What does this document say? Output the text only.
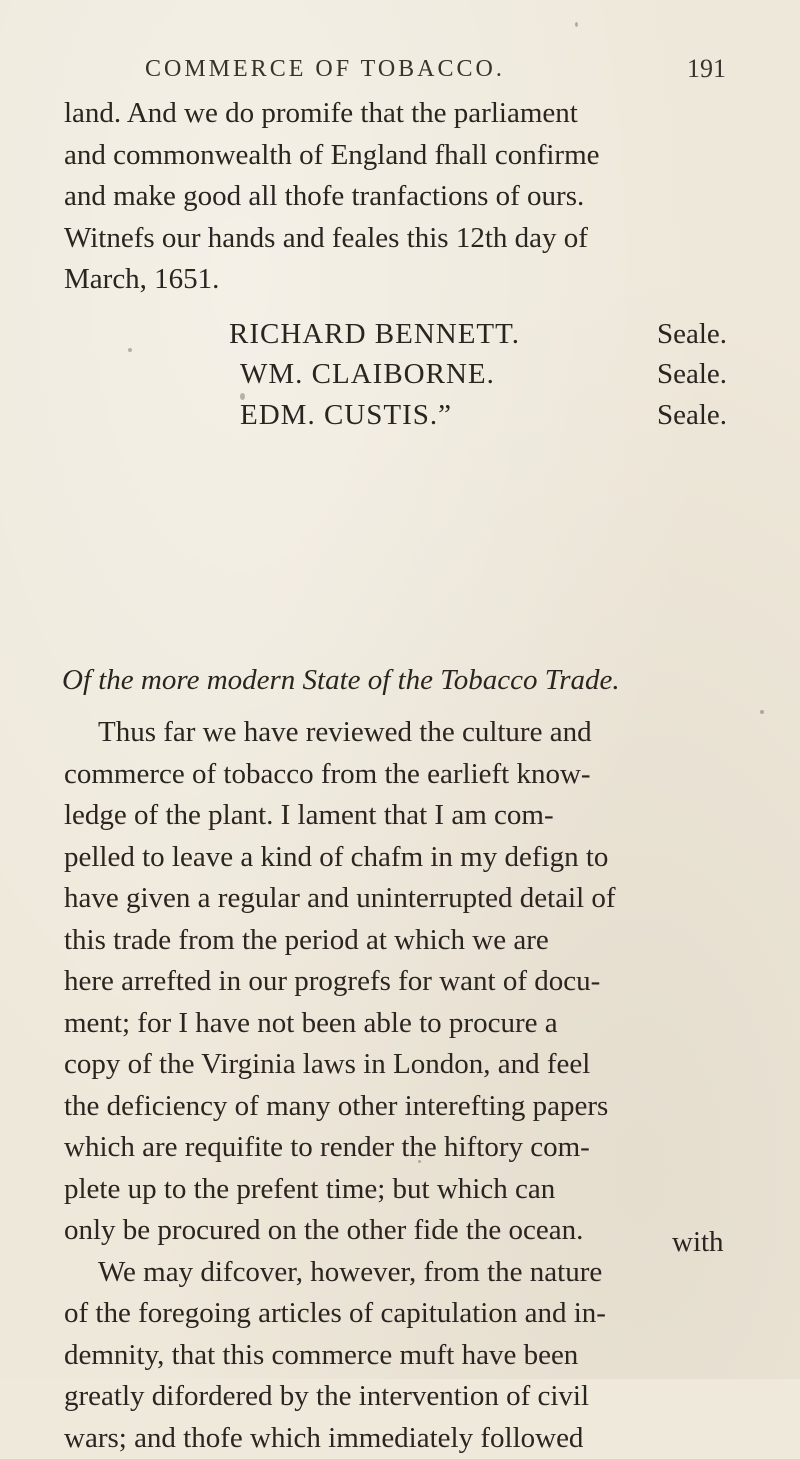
COMMERCE OF TOBACCO.	191
land. And we do promife that the parliament
and commonwealth of England fhall confirme
and make good all thofe tranfactions of ours.
Witnefs our hands and feales this 12th day of
March, 1651.
RICHARD BENNETT.	Seale.
WM. CLAIBORNE.	Seale.
EDM. CUSTIS.”	Seale.
Of the more modern State of the Tobacco Trade.
Thus far we have reviewed the culture and
commerce of tobacco from the earlieft know-
ledge of the plant. I lament that I am com-
pelled to leave a kind of chafm in my defign to
have given a regular and uninterrupted detail of
this trade from the period at which we are
here arrefted in our progrefs for want of docu-
ment; for I have not been able to procure a
copy of the Virginia laws in London, and feel
the deficiency of many other interefting papers
which are requifite to render the hiftory com-
plete up to the prefent time; but which can
only be procured on the other fide the ocean.
We may difcover, however, from the nature
of the foregoing articles of capitulation and in-
demnity, that this commerce muft have been
greatly difordered by the intervention of civil
wars; and thofe which immediately followed
with
